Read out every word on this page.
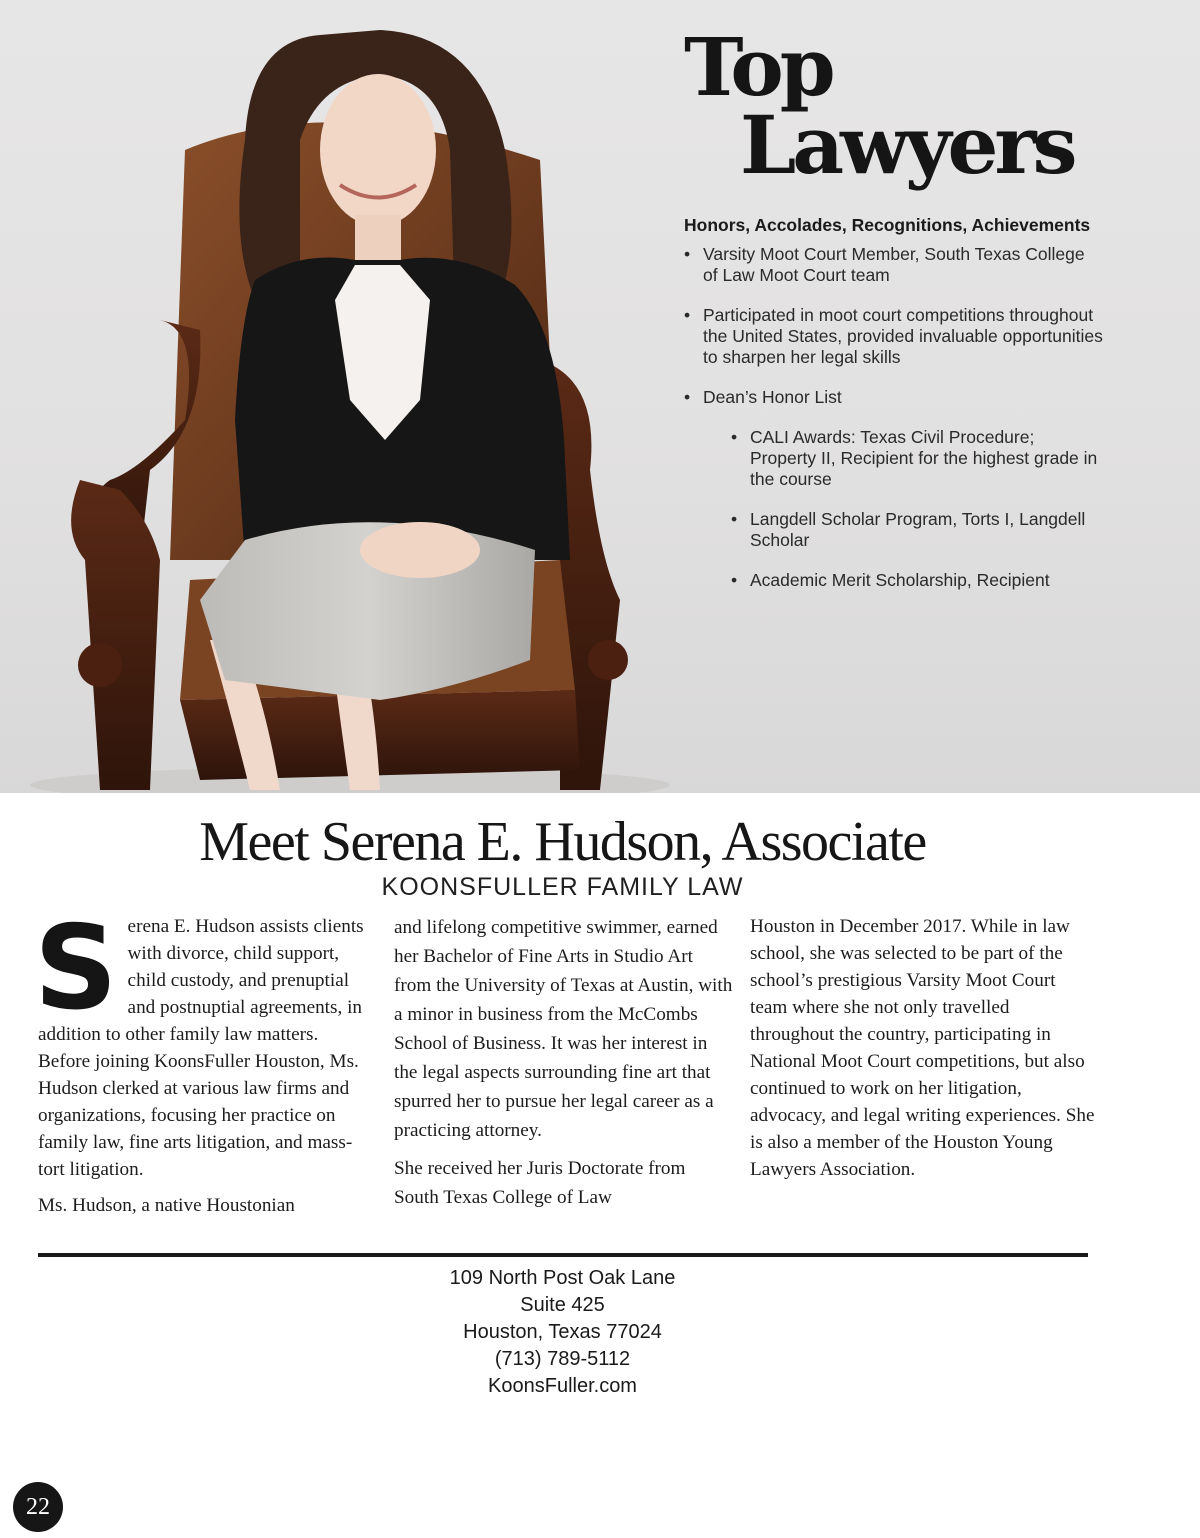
Top
Lawyers
Honors, Accolades, Recognitions, Achievements
• Varsity Moot Court Member, South Texas College of Law Moot Court team
• Participated in moot court competitions throughout the United States, provided invaluable opportunities to sharpen her legal skills
• Dean’s Honor List
• CALI Awards: Texas Civil Procedure; Property II, Recipient for the highest grade in the course
• Langdell Scholar Program, Torts I, Langdell Scholar
• Academic Merit Scholarship, Recipient
Meet Serena E. Hudson, Associate
KOONSFULLER FAMILY LAW

Serena E. Hudson assists clients with divorce, child support, child custody, and prenuptial and postnuptial agreements, in addition to other family law matters. Before joining KoonsFuller Houston, Ms. Hudson clerked at various law firms and organizations, focusing her practice on family law, fine arts litigation, and mass-tort litigation.

Ms. Hudson, a native Houstonian

and lifelong competitive swimmer, earned her Bachelor of Fine Arts in Studio Art from the University of Texas at Austin, with a minor in business from the McCombs School of Business. It was her interest in the legal aspects surrounding fine art that spurred her to pursue her legal career as a practicing attorney.

She received her Juris Doctorate from South Texas College of Law

Houston in December 2017. While in law school, she was selected to be part of the school’s prestigious Varsity Moot Court team where she not only travelled throughout the country, participating in National Moot Court competitions, but also continued to work on her litigation, advocacy, and legal writing experiences. She is also a member of the Houston Young Lawyers Association.

109 North Post Oak Lane
Suite 425
Houston, Texas 77024
(713) 789-5112
KoonsFuller.com
22
